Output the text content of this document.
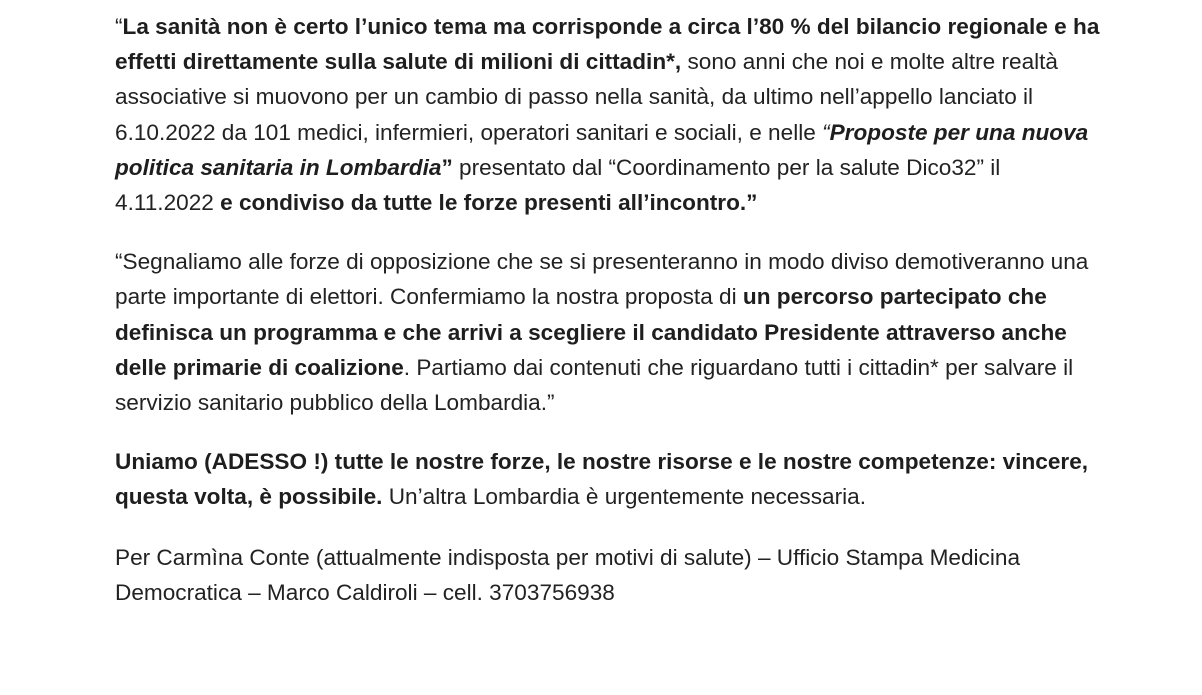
“La sanità non è certo l’unico tema ma corrisponde a circa l’80 % del bilancio regionale e ha effetti direttamente sulla salute di milioni di cittadin*, sono anni che noi e molte altre realtà associative si muovono per un cambio di passo nella sanità, da ultimo nell’appello lanciato il 6.10.2022 da 101 medici, infermieri, operatori sanitari e sociali, e nelle “Proposte per una nuova politica sanitaria in Lombardia” presentato dal “Coordinamento per la salute Dico32” il 4.11.2022 e condiviso da tutte le forze presenti all’incontro.”

“Segnaliamo alle forze di opposizione che se si presenteranno in modo diviso demotiveranno una parte importante di elettori. Confermiamo la nostra proposta di un percorso partecipato che definisca un programma e che arrivi a scegliere il candidato Presidente attraverso anche delle primarie di coalizione. Partiamo dai contenuti che riguardano tutti i cittadin* per salvare il servizio sanitario pubblico della Lombardia.”

Uniamo (ADESSO !) tutte le nostre forze, le nostre risorse e le nostre competenze: vincere, questa volta, è possibile. Un’altra Lombardia è urgentemente necessaria.

Per Carmìna Conte (attualmente indisposta per motivi di salute) – Ufficio Stampa Medicina Democratica – Marco Caldiroli – cell. 3703756938
